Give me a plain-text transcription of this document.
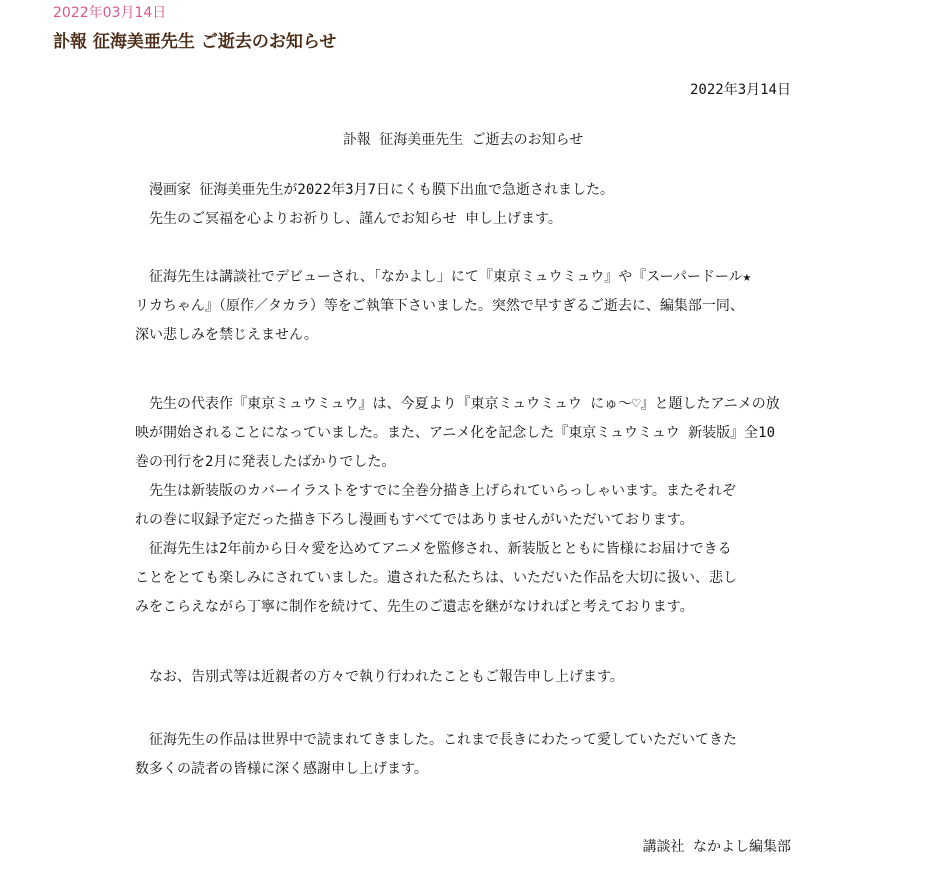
2022年03月14日
訃報 征海美亜先生 ご逝去のお知らせ
2022年3月14日
訃報 征海美亜先生 ご逝去のお知らせ
　漫画家 征海美亜先生が2022年3月7日にくも膜下出血で急逝されました。
　先生のご冥福を心よりお祈りし、謹んでお知らせ 申し上げます。
　征海先生は講談社でデビューされ、「なかよし」にて『東京ミュウミュウ』や『スーパードール★
リカちゃん』（原作／タカラ）等をご執筆下さいました。突然で早すぎるご逝去に、編集部一同、
深い悲しみを禁じえません。
　先生の代表作『東京ミュウミュウ』は、今夏より『東京ミュウミュウ にゅ～♡』と題したアニメの放
映が開始されることになっていました。また、アニメ化を記念した『東京ミュウミュウ 新装版』全10
巻の刊行を2月に発表したばかりでした。
　先生は新装版のカバーイラストをすでに全巻分描き上げられていらっしゃいます。またそれぞ
れの巻に収録予定だった描き下ろし漫画もすべてではありませんがいただいております。
　征海先生は2年前から日々愛を込めてアニメを監修され、新装版とともに皆様にお届けできる
ことをとても楽しみにされていました。遺された私たちは、いただいた作品を大切に扱い、悲し
みをこらえながら丁寧に制作を続けて、先生のご遺志を継がなければと考えております。
　なお、告別式等は近親者の方々で執り行われたこともご報告申し上げます。
　征海先生の作品は世界中で読まれてきました。これまで長きにわたって愛していただいてきた
数多くの読者の皆様に深く感謝申し上げます。
講談社 なかよし編集部
